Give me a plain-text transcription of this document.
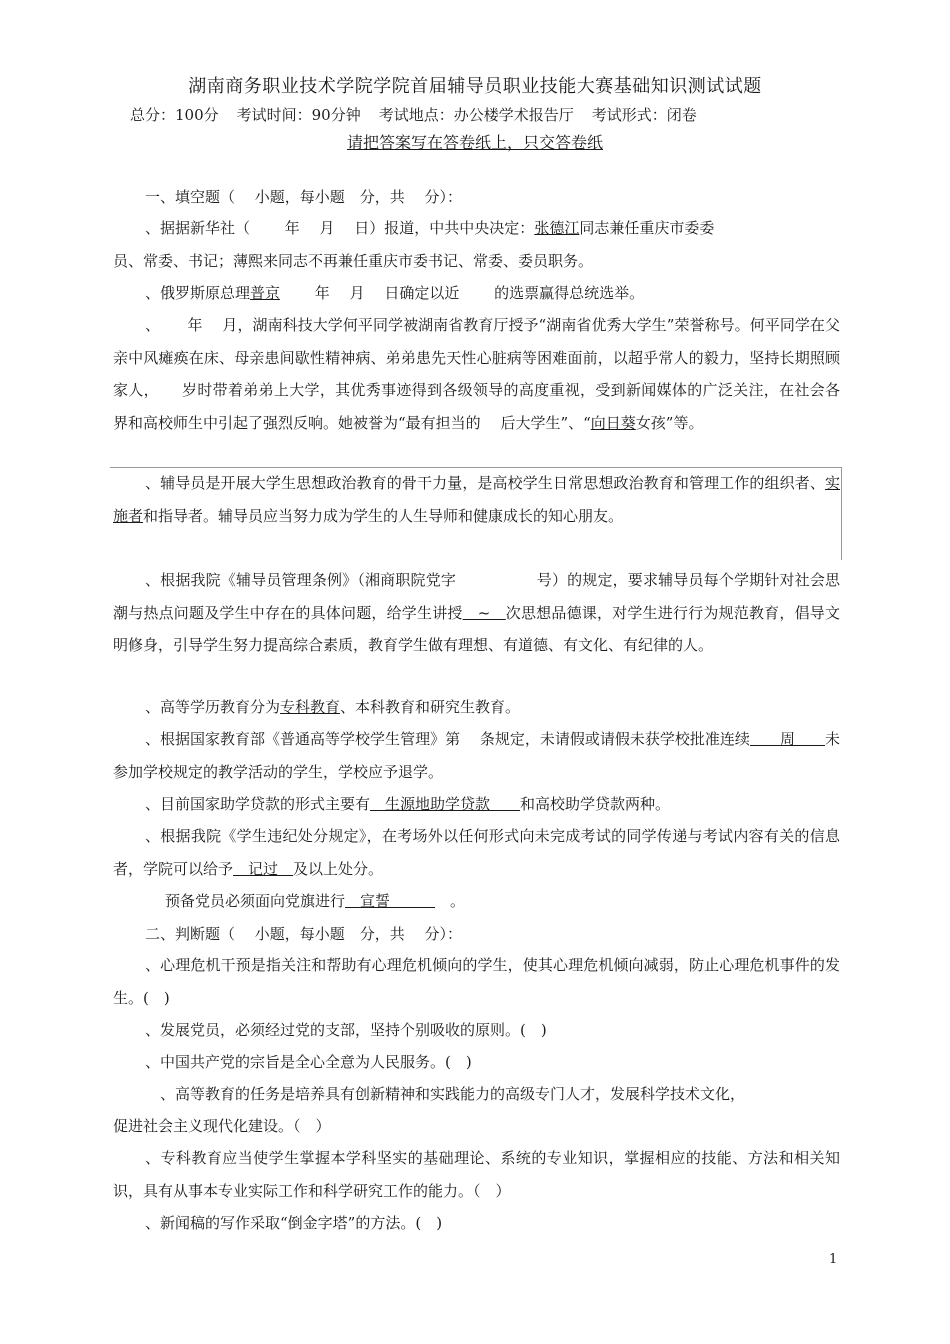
湖南商务职业技术学院学院首届辅导员职业技能大赛基础知识测试试题
总分：100分 考试时间：90分钟 考试地点：办公楼学术报告厅 考试形式：闭卷
请把答案写在答卷纸上，只交答卷纸
一、填空题（　 小题，每小题　分，共　 分）：
、据据新华社（　　 年　 月　 日）报道，中共中央决定：张德江同志兼任重庆市委委
员、常委、书记；薄熙来同志不再兼任重庆市委书记、常委、委员职务。
、俄罗斯原总理普京　　 年　 月　 日确定以近　　 的选票赢得总统选举。
、　　 年　 月，湖南科技大学何平同学被湖南省教育厅授予“湖南省优秀大学生”荣誉称号。何平同学在父亲中风瘫痪在床、母亲患间歇性精神病、弟弟患先天性心脏病等困难面前，以超乎常人的毅力，坚持长期照顾家人，　　岁时带着弟弟上大学，其优秀事迹得到各级领导的高度重视，受到新闻媒体的广泛关注，在社会各界和高校师生中引起了强烈反响。她被誉为“最有担当的　 后大学生”、“向日葵女孩”等。
、辅导员是开展大学生思想政治教育的骨干力量，是高校学生日常思想政治教育和管理工作的组织者、实施者和指导者。辅导员应当努力成为学生的人生导师和健康成长的知心朋友。
、根据我院《辅导员管理条例》（湘商职院党字　　　　　 号）的规定，要求辅导员每个学期针对社会思潮与热点问题及学生中存在的具体问题，给学生讲授　~　次思想品德课，对学生进行行为规范教育，倡导文明修身，引导学生努力提高综合素质，教育学生做有理想、有道德、有文化、有纪律的人。
、高等学历教育分为专科教育、本科教育和研究生教育。
、根据国家教育部《普通高等学校学生管理》第　 条规定，未请假或请假未获学校批准连续　　 周　　未参加学校规定的教学活动的学生，学校应予退学。
、目前国家助学贷款的形式主要有　生源地助学贷款　　和高校助学贷款两种。
、根据我院《学生违纪处分规定》，在考场外以任何形式向未完成考试的同学传递与考试内容有关的信息者，学院可以给予　记过　及以上处分。
预备党员必须面向党旗进行　宣誓　　　　。
二、判断题（　 小题，每小题　分，共　 分）：
、心理危机干预是指关注和帮助有心理危机倾向的学生，使其心理危机倾向减弱，防止心理危机事件的发生。(　)
、发展党员，必须经过党的支部，坚持个别吸收的原则。(　)
、中国共产党的宗旨是全心全意为人民服务。(　)
、高等教育的任务是培养具有创新精神和实践能力的高级专门人才，发展科学技术文化，
促进社会主义现代化建设。（　）
、专科教育应当使学生掌握本学科坚实的基础理论、系统的专业知识，掌握相应的技能、方法和相关知识，具有从事本专业实际工作和科学研究工作的能力。（　）
、新闻稿的写作采取“倒金字塔”的方法。(　)
1
